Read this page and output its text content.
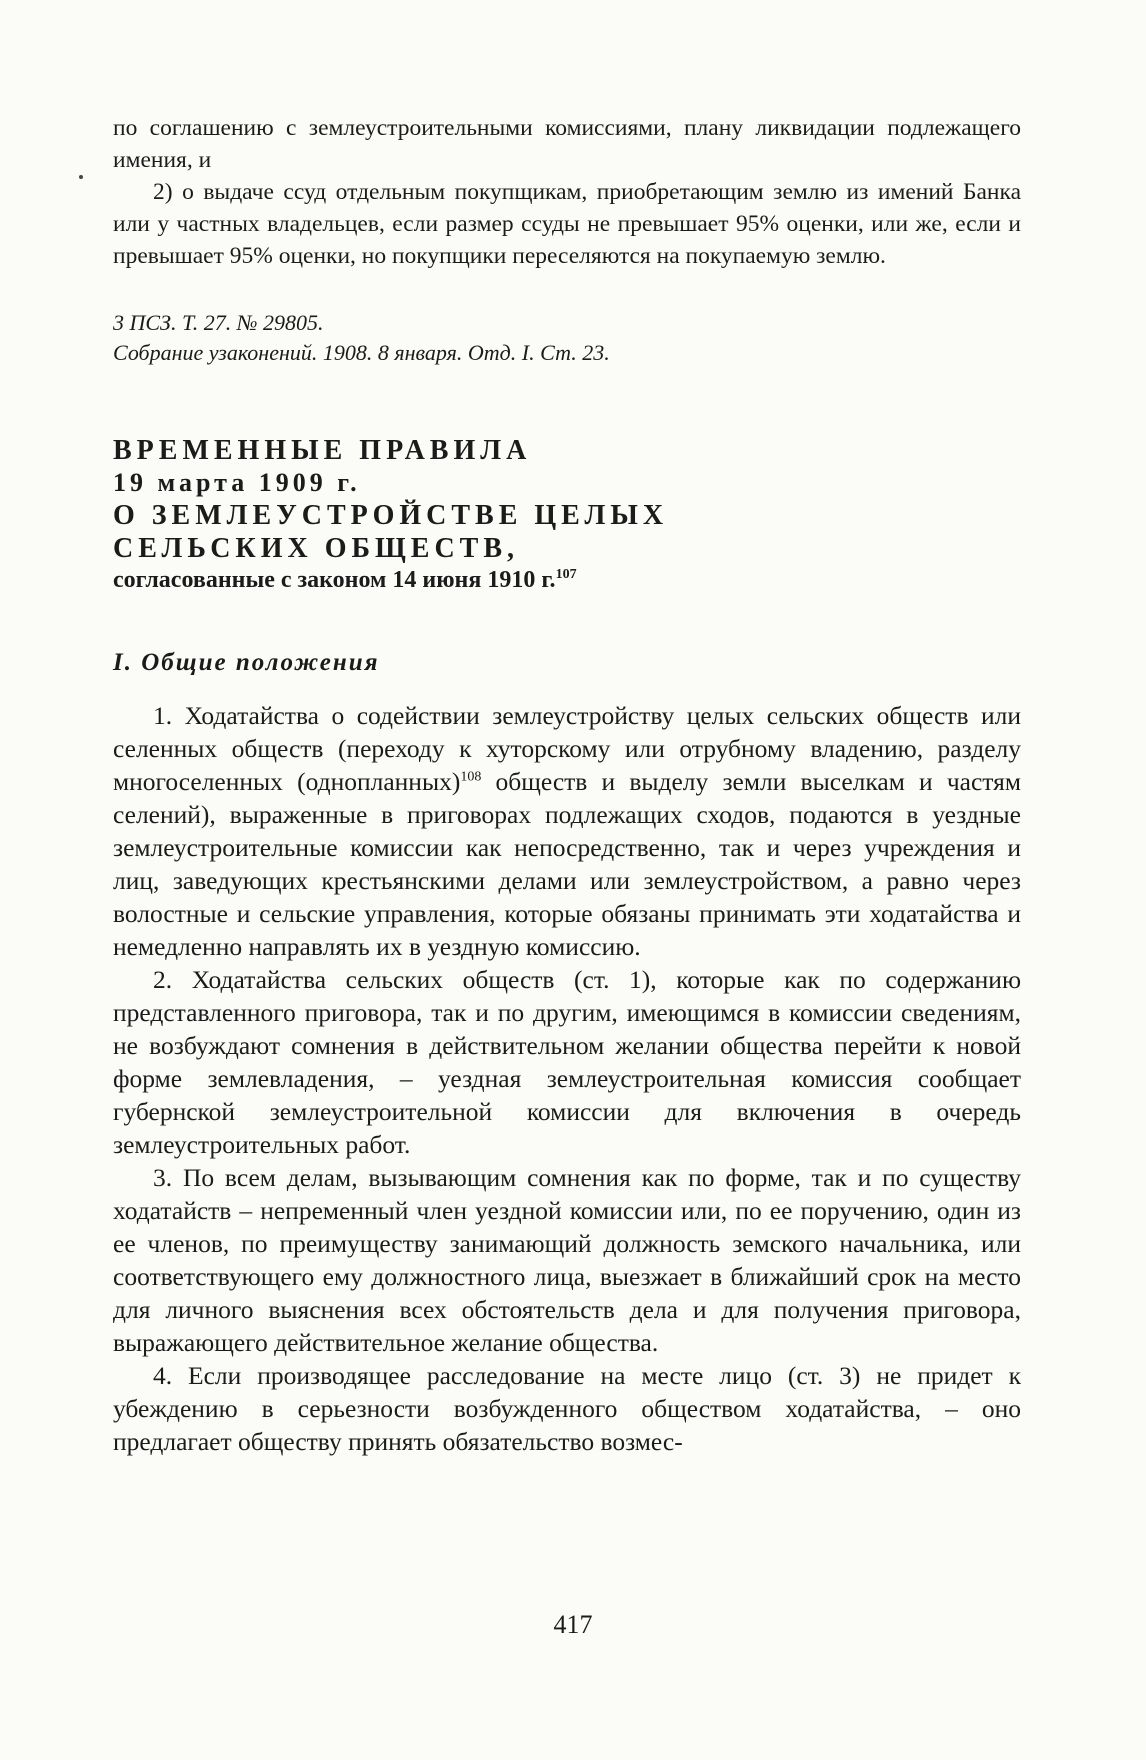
по соглашению с землеустроительными комиссиями, плану ликвидации подлежащего имения, и

2) о выдаче ссуд отдельным покупщикам, приобретающим землю из имений Банка или у частных владельцев, если размер ссуды не превышает 95% оценки, или же, если и превышает 95% оценки, но покупщики переселяются на покупаемую землю.

3 ПСЗ. Т. 27. № 29805.

Собрание узаконений. 1908. 8 января. Отд. I. Ст. 23.

ВРЕМЕННЫЕ ПРАВИЛА

19 марта 1909 г.

О ЗЕМЛЕУСТРОЙСТВЕ ЦЕЛЫХ

СЕЛЬСКИХ ОБЩЕСТВ,

согласованные с законом 14 июня 1910 г.$^{107}$

I. Общие положения

1. Ходатайства о содействии землеустройству целых сельских обществ или селенных обществ (переходу к хуторскому или отрубному владению, разделу многоселенных (однопланных)$^{108}$ обществ и выделу земли выселкам и частям селений), выраженные в приговорах подлежащих сходов, подаются в уездные землеустроительные комиссии как непосредственно, так и через учреждения и лиц, заведующих крестьянскими делами или землеустройством, а равно через волостные и сельские управления, которые обязаны принимать эти ходатайства и немедленно направлять их в уездную комиссию.

2. Ходатайства сельских обществ (ст. 1), которые как по содержанию представленного приговора, так и по другим, имеющимся в комиссии сведениям, не возбуждают сомнения в действительном желании общества перейти к новой форме землевладения, – уездная землеустроительная комиссия сообщает губернской землеустроительной комиссии для включения в очередь землеустроительных работ.

3. По всем делам, вызывающим сомнения как по форме, так и по существу ходатайств – непременный член уездной комиссии или, по ее поручению, один из ее членов, по преимуществу занимающий должность земского начальника, или соответствующего ему должностного лица, выезжает в ближайший срок на место для личного выяснения всех обстоятельств дела и для получения приговора, выражающего действительное желание общества.

4. Если производящее расследование на месте лицо (ст. 3) не придет к убеждению в серьезности возбужденного обществом ходатайства, – оно предлагает обществу принять обязательство возмес-

417
